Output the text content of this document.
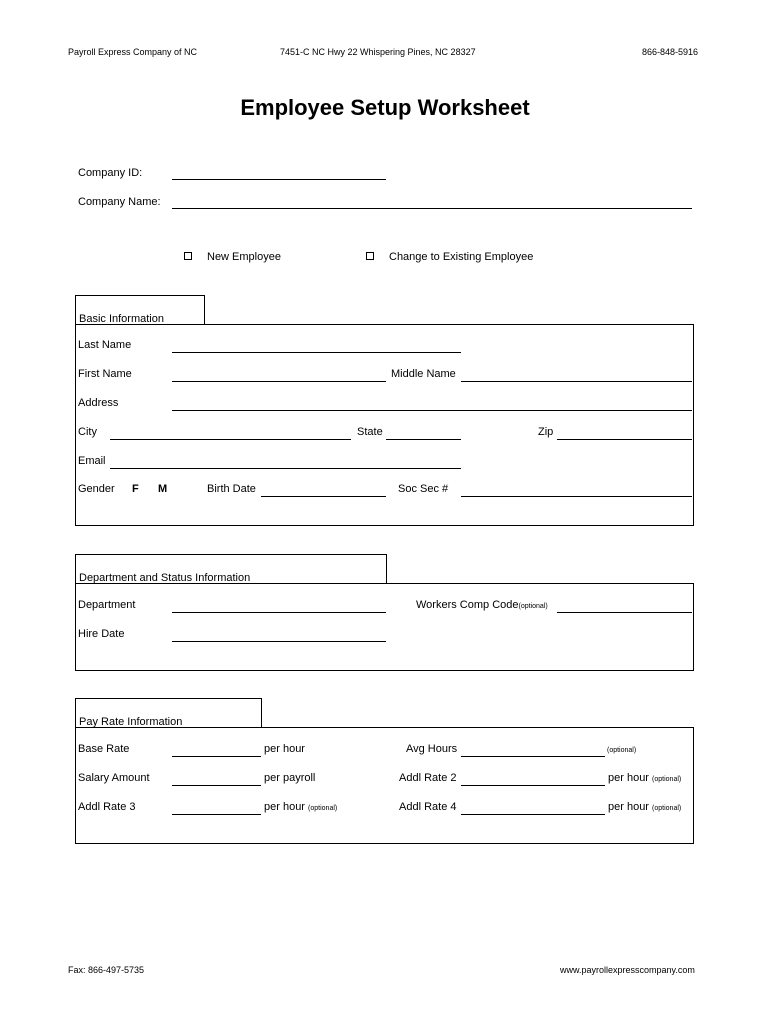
Payroll Express Company of NC	7451-C NC Hwy 22 Whispering Pines, NC 28327	866-848-5916
Employee Setup Worksheet
Company ID:
Company Name:
New Employee	Change to Existing Employee
Basic Information
Last Name
First Name	Middle Name
Address
City	State	Zip
Email
Gender F M	Birth Date	Soc Sec #
Department and Status Information
Department	Workers Comp Code(optional)
Hire Date
Pay Rate Information
Base Rate	per hour	Avg Hours	(optional)
Salary Amount	per payroll	Addl Rate 2	per hour (optional)
Addl Rate 3	per hour (optional)	Addl Rate 4	per hour (optional)
Fax: 866-497-5735	www.payrollexpresscompany.com
